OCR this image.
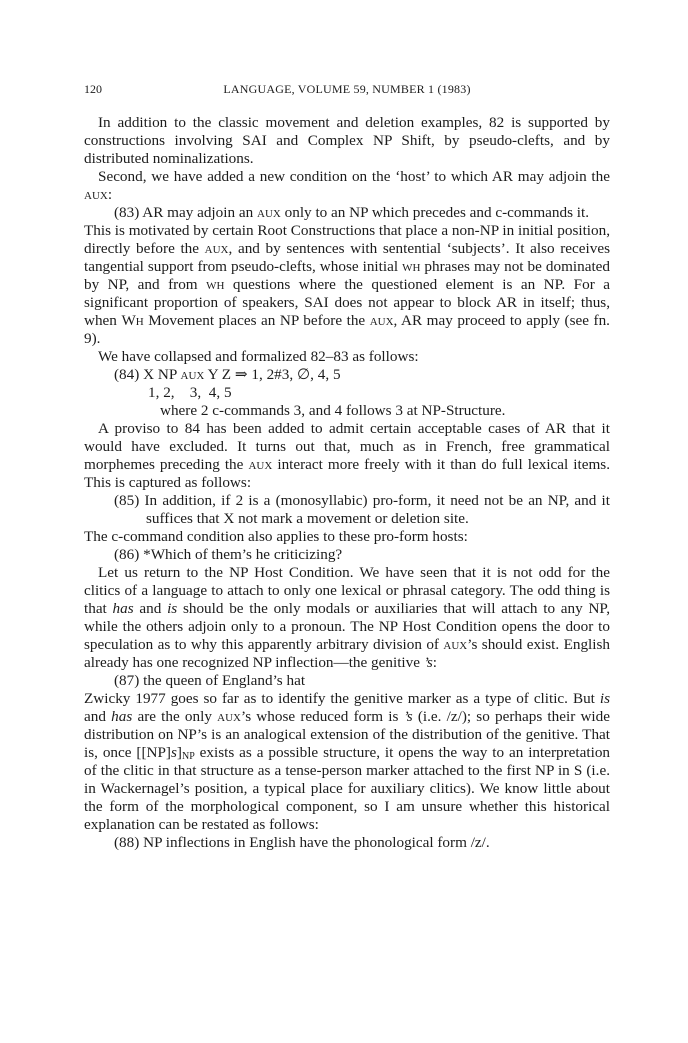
120	LANGUAGE, VOLUME 59, NUMBER 1 (1983)

In addition to the classic movement and deletion examples, 82 is supported by constructions involving SAI and Complex NP Shift, by pseudo-clefts, and by distributed nominalizations.

Second, we have added a new condition on the ‘host’ to which AR may adjoin the aux:

(83) AR may adjoin an aux only to an NP which precedes and c-commands it.

This is motivated by certain Root Constructions that place a non-NP in initial position, directly before the aux, and by sentences with sentential ‘subjects’. It also receives tangential support from pseudo-clefts, whose initial wh phrases may not be dominated by NP, and from wh questions where the questioned element is an NP. For a significant proportion of speakers, SAI does not appear to block AR in itself; thus, when Wh Movement places an NP before the aux, AR may proceed to apply (see fn. 9).

We have collapsed and formalized 82–83 as follows:

(84) X NP aux Y Z ⇒ 1, 2#3, ∅, 4, 5

1, 2,    3,  4, 5

where 2 c-commands 3, and 4 follows 3 at NP-Structure.

A proviso to 84 has been added to admit certain acceptable cases of AR that it would have excluded. It turns out that, much as in French, free grammatical morphemes preceding the aux interact more freely with it than do full lexical items. This is captured as follows:

(85) In addition, if 2 is a (monosyllabic) pro-form, it need not be an NP, and it suffices that X not mark a movement or deletion site.

The c-command condition also applies to these pro-form hosts:

(86) *Which of them’s he criticizing?

Let us return to the NP Host Condition. We have seen that it is not odd for the clitics of a language to attach to only one lexical or phrasal category. The odd thing is that has and is should be the only modals or auxiliaries that will attach to any NP, while the others adjoin only to a pronoun. The NP Host Condition opens the door to speculation as to why this apparently arbitrary division of aux’s should exist. English already has one recognized NP inflection—the genitive ’s:

(87) the queen of England’s hat

Zwicky 1977 goes so far as to identify the genitive marker as a type of clitic. But is and has are the only aux’s whose reduced form is ’s (i.e. /z/); so perhaps their wide distribution on NP’s is an analogical extension of the distribution of the genitive. That is, once $[[NP]s]_{NP}$ exists as a possible structure, it opens the way to an interpretation of the clitic in that structure as a tense-person marker attached to the first NP in S (i.e. in Wackernagel’s position, a typical place for auxiliary clitics). We know little about the form of the morphological component, so I am unsure whether this historical explanation can be restated as follows:

(88) NP inflections in English have the phonological form /z/.
